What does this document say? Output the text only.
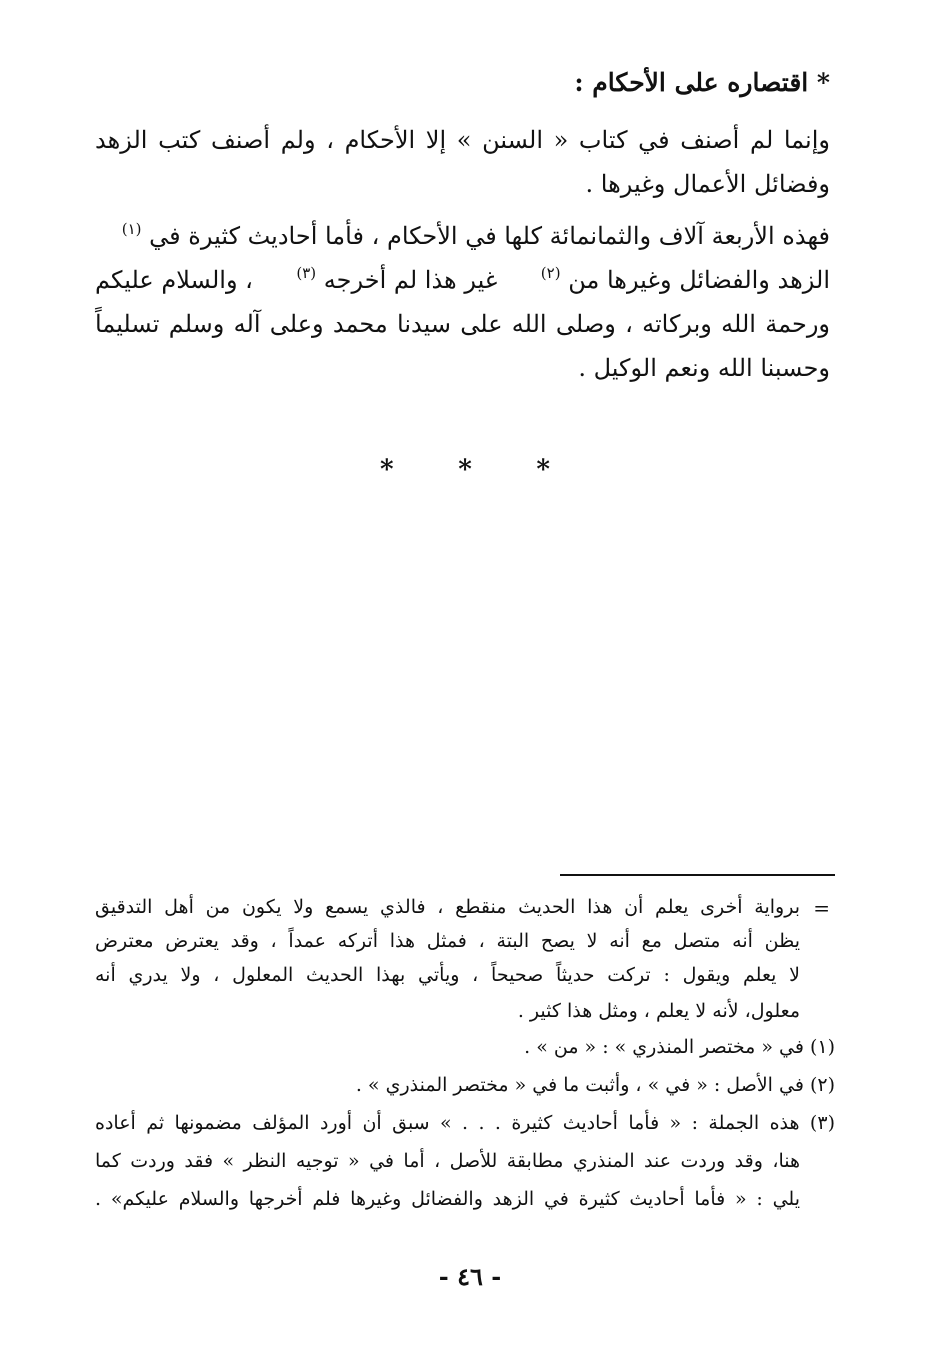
* اقتصاره على الأحكام :
وإنما لم أصنف في كتاب « السنن » إلا الأحكام ، ولم أصنف كتب الزهد
وفضائل الأعمال وغيرها .
فهذه الأربعة آلاف والثمانمائة كلها في الأحكام ، فأما أحاديث كثيرة في $^{(١)}$
الزهد والفضائل وغيرها من $^{(٢)}$
غير هذا لم أخرجه $^{(٣)}$
، والسلام عليكم
ورحمة الله وبركاته ، وصلى الله على سيدنا محمد وعلى آله وسلم تسليماً
وحسبنا الله ونعم الوكيل .
* * *
=
برواية أخرى يعلم أن هذا الحديث منقطع ، فالذي يسمع ولا يكون من أهل التدقيق
يظن أنه متصل مع أنه لا يصح البتة ، فمثل هذا أتركه عمداً ، وقد يعترض معترض
لا يعلم ويقول : تركت حديثاً صحيحاً ، ويأتي بهذا الحديث المعلول ، ولا يدري أنه
معلول، لأنه لا يعلم ، ومثل هذا كثير .
(١) في « مختصر المنذري » : « من » .
(٢) في الأصل : « في » ، وأثبت ما في « مختصر المنذري » .
(٣) هذه الجملة : « فأما أحاديث كثيرة . . . » سبق أن أورد المؤلف مضمونها ثم أعاده
هنا، وقد وردت عند المنذري مطابقة للأصل ، أما في « توجيه النظر » فقد وردت كما
يلي : « فأما أحاديث كثيرة في الزهد والفضائل وغيرها فلم أخرجها والسلام عليكم» .
- ٤٦ -
